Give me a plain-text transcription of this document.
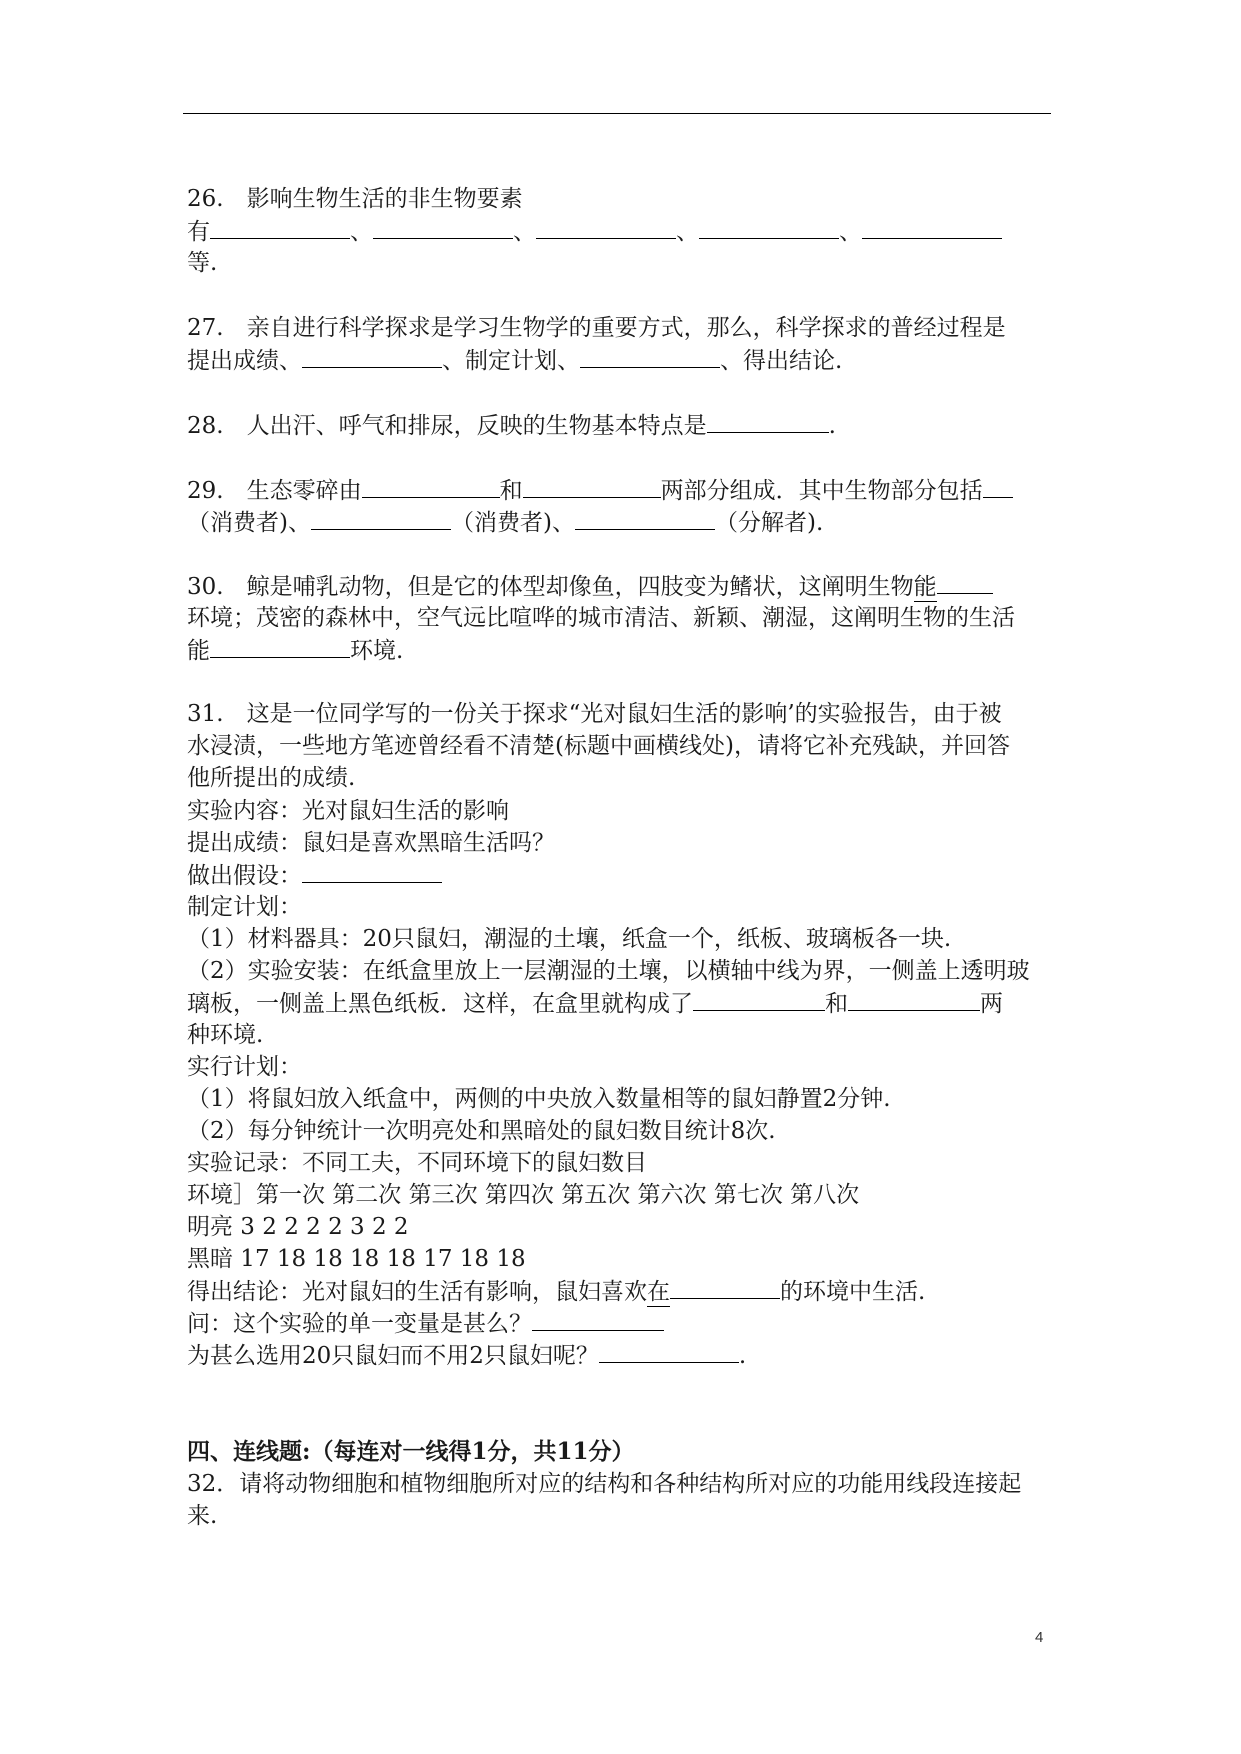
26.　影响生物生活的非生物要素
有	、	、	、	、
等.
27.　亲自进行科学探求是学习生物学的重要方式，那么，科学探求的普经过程是
提出成绩、	、制定计划、	、得出结论.
28.　人出汗、呼气和排尿，反映的生物基本特点是	.
29.　生态零碎由	和	两部分组成．其中生物部分包括
（消费者)、	（消费者)、	（分解者).
30.　鲸是哺乳动物，但是它的体型却像鱼，四肢变为鳍状，这阐明生物能
环境；茂密的森林中，空气远比喧哗的城市清洁、新颖、潮湿，这阐明生物的生活
能	环境.
31.　这是一位同学写的一份关于探求“光对鼠妇生活的影响’的实验报告，由于被
水浸渍，一些地方笔迹曾经看不清楚(标题中画横线处)，请将它补充残缺，并回答
他所提出的成绩.
实验内容：光对鼠妇生活的影响
提出成绩：鼠妇是喜欢黑暗生活吗？
做出假设：
制定计划：
（1）材料器具：20只鼠妇，潮湿的土壤，纸盒一个，纸板、玻璃板各一块.
（2）实验安装：在纸盒里放上一层潮湿的土壤，以横轴中线为界，一侧盖上透明玻
璃板，一侧盖上黑色纸板．这样，在盒里就构成了	和	两
种环境.
实行计划：
（1）将鼠妇放入纸盒中，两侧的中央放入数量相等的鼠妇静置2分钟.
（2）每分钟统计一次明亮处和黑暗处的鼠妇数目统计8次.
实验记录：不同工夫，不同环境下的鼠妇数目
环境］第一次 第二次 第三次 第四次 第五次 第六次 第七次 第八次
明亮 3 2 2 2 2 3 2 2
黑暗 17 18 18 18 18 17 18 18
得出结论：光对鼠妇的生活有影响，鼠妇喜欢在	的环境中生活.
问：这个实验的单一变量是甚么？
为甚么选用20只鼠妇而不用2只鼠妇呢？	.
四、连线题:（每连对一线得1分，共11分）
32．请将动物细胞和植物细胞所对应的结构和各种结构所对应的功能用线段连接起
来.
4
